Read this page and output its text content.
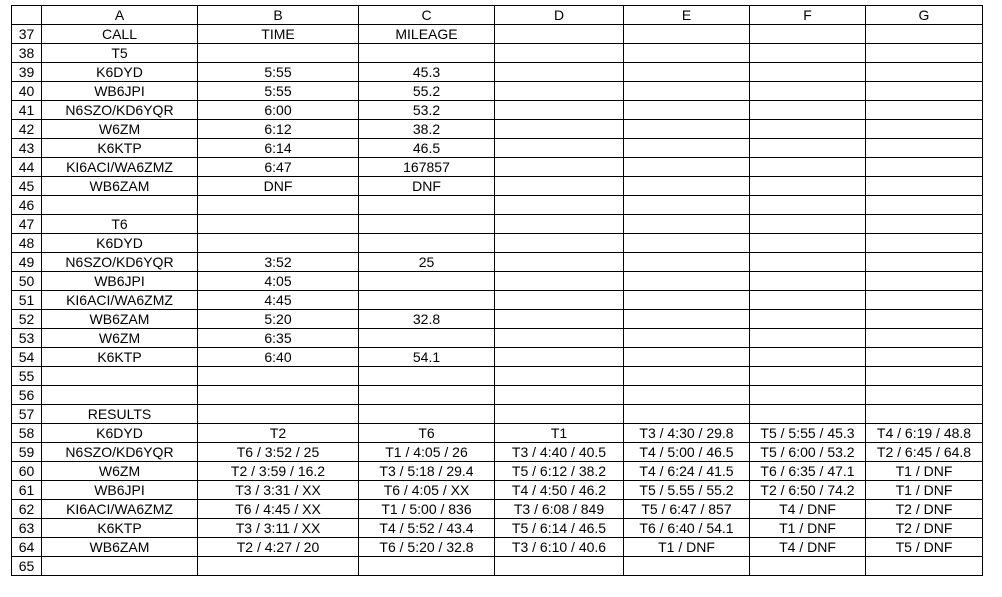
	A	B	C	D	E	F	G
37	CALL	TIME	MILEAGE				
38	T5						
39	K6DYD	5:55	45.3				
40	WB6JPI	5:55	55.2				
41	N6SZO/KD6YQR	6:00	53.2				
42	W6ZM	6:12	38.2				
43	K6KTP	6:14	46.5				
44	KI6ACI/WA6ZMZ	6:47	167857				
45	WB6ZAM	DNF	DNF				
46							
47	T6						
48	K6DYD						
49	N6SZO/KD6YQR	3:52	25				
50	WB6JPI	4:05					
51	KI6ACI/WA6ZMZ	4:45					
52	WB6ZAM	5:20	32.8				
53	W6ZM	6:35					
54	K6KTP	6:40	54.1				
55							
56							
57	RESULTS						
58	K6DYD	T2	T6	T1	T3 / 4:30 / 29.8	T5 / 5:55 / 45.3	T4 / 6:19 / 48.8
59	N6SZO/KD6YQR	T6 / 3:52 / 25	T1 / 4:05 / 26	T3 / 4:40 / 40.5	T4 / 5:00 / 46.5	T5 / 6:00 / 53.2	T2 / 6:45 / 64.8
60	W6ZM	T2 / 3:59 / 16.2	T3 / 5:18 / 29.4	T5 / 6:12 / 38.2	T4 / 6:24 / 41.5	T6 / 6:35 / 47.1	T1 / DNF
61	WB6JPI	T3 / 3:31 / XX	T6 / 4:05 / XX	T4 / 4:50 / 46.2	T5 / 5.55 / 55.2	T2 / 6:50 / 74.2	T1 / DNF
62	KI6ACI/WA6ZMZ	T6 / 4:45 / XX	T1 / 5:00 / 836	T3 / 6:08 / 849	T5 / 6:47 / 857	T4 / DNF	T2 / DNF
63	K6KTP	T3 / 3:11 / XX	T4 / 5:52 / 43.4	T5 / 6:14 / 46.5	T6 / 6:40 / 54.1	T1 / DNF	T2 / DNF
64	WB6ZAM	T2 / 4:27 / 20	T6 / 5:20 / 32.8	T3 / 6:10 / 40.6	T1 / DNF	T4 / DNF	T5 / DNF
65							
